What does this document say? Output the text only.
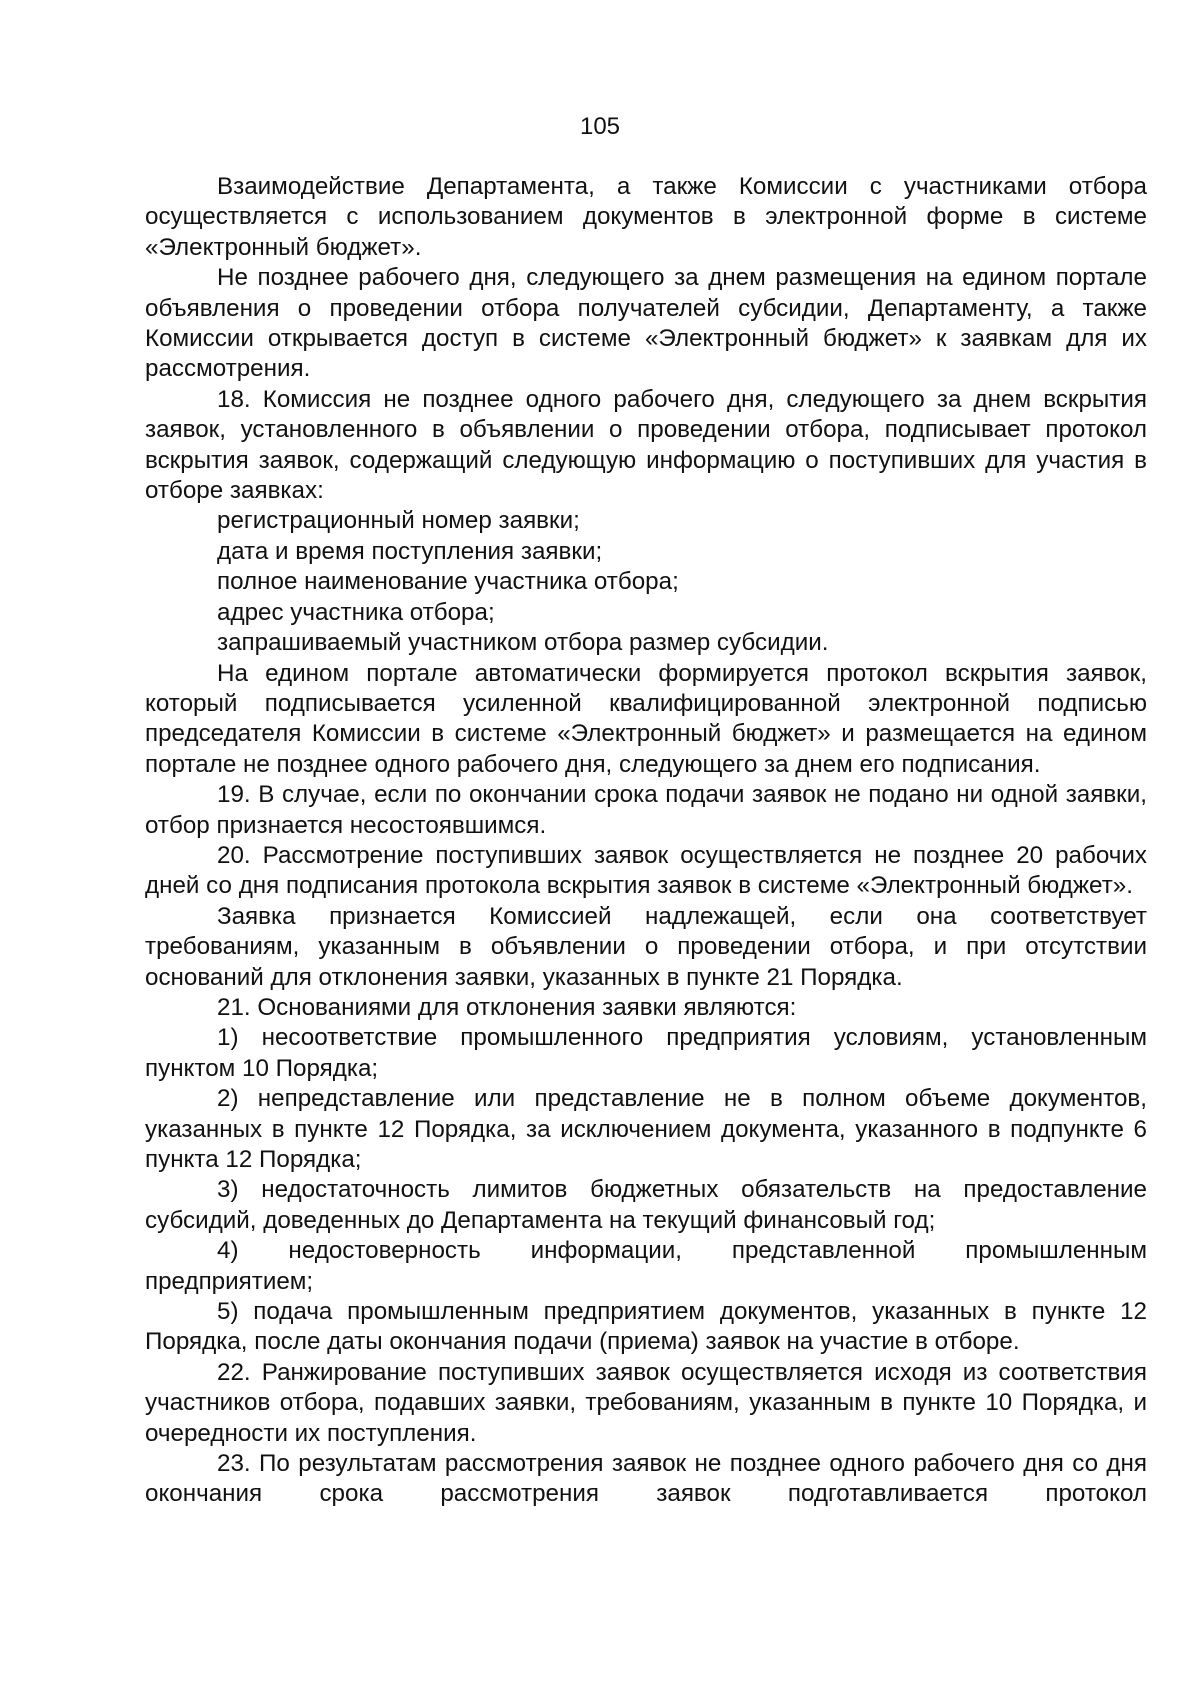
105

Взаимодействие Департамента, а также Комиссии с участниками отбора осуществляется с использованием документов в электронной форме в системе «Электронный бюджет».

Не позднее рабочего дня, следующего за днем размещения на едином портале объявления о проведении отбора получателей субсидии, Департаменту, а также Комиссии открывается доступ в системе «Электронный бюджет» к заявкам для их рассмотрения.

18. Комиссия не позднее одного рабочего дня, следующего за днем вскрытия заявок, установленного в объявлении о проведении отбора, подписывает протокол вскрытия заявок, содержащий следующую информацию о поступивших для участия в отборе заявках:

регистрационный номер заявки;

дата и время поступления заявки;

полное наименование участника отбора;

адрес участника отбора;

запрашиваемый участником отбора размер субсидии.

На едином портале автоматически формируется протокол вскрытия заявок, который подписывается усиленной квалифицированной электронной подписью председателя Комиссии в системе «Электронный бюджет» и размещается на едином портале не позднее одного рабочего дня, следующего за днем его подписания.

19. В случае, если по окончании срока подачи заявок не подано ни одной заявки, отбор признается несостоявшимся.

20. Рассмотрение поступивших заявок осуществляется не позднее 20 рабочих дней со дня подписания протокола вскрытия заявок в системе «Электронный бюджет».

Заявка признается Комиссией надлежащей, если она соответствует требованиям, указанным в объявлении о проведении отбора, и при отсутствии оснований для отклонения заявки, указанных в пункте 21 Порядка.

21. Основаниями для отклонения заявки являются:

1) несоответствие промышленного предприятия условиям, установленным пунктом 10 Порядка;

2) непредставление или представление не в полном объеме документов, указанных в пункте 12 Порядка, за исключением документа, указанного в подпункте 6 пункта 12 Порядка;

3) недостаточность лимитов бюджетных обязательств на предоставление субсидий, доведенных до Департамента на текущий финансовый год;

4) недостоверность информации, представленной промышленным предприятием;

5) подача промышленным предприятием документов, указанных в пункте 12 Порядка, после даты окончания подачи (приема) заявок на участие в отборе.

22. Ранжирование поступивших заявок осуществляется исходя из соответствия участников отбора, подавших заявки, требованиям, указанным в пункте 10 Порядка, и очередности их поступления.

23. По результатам рассмотрения заявок не позднее одного рабочего дня со дня окончания срока рассмотрения заявок подготавливается протокол
